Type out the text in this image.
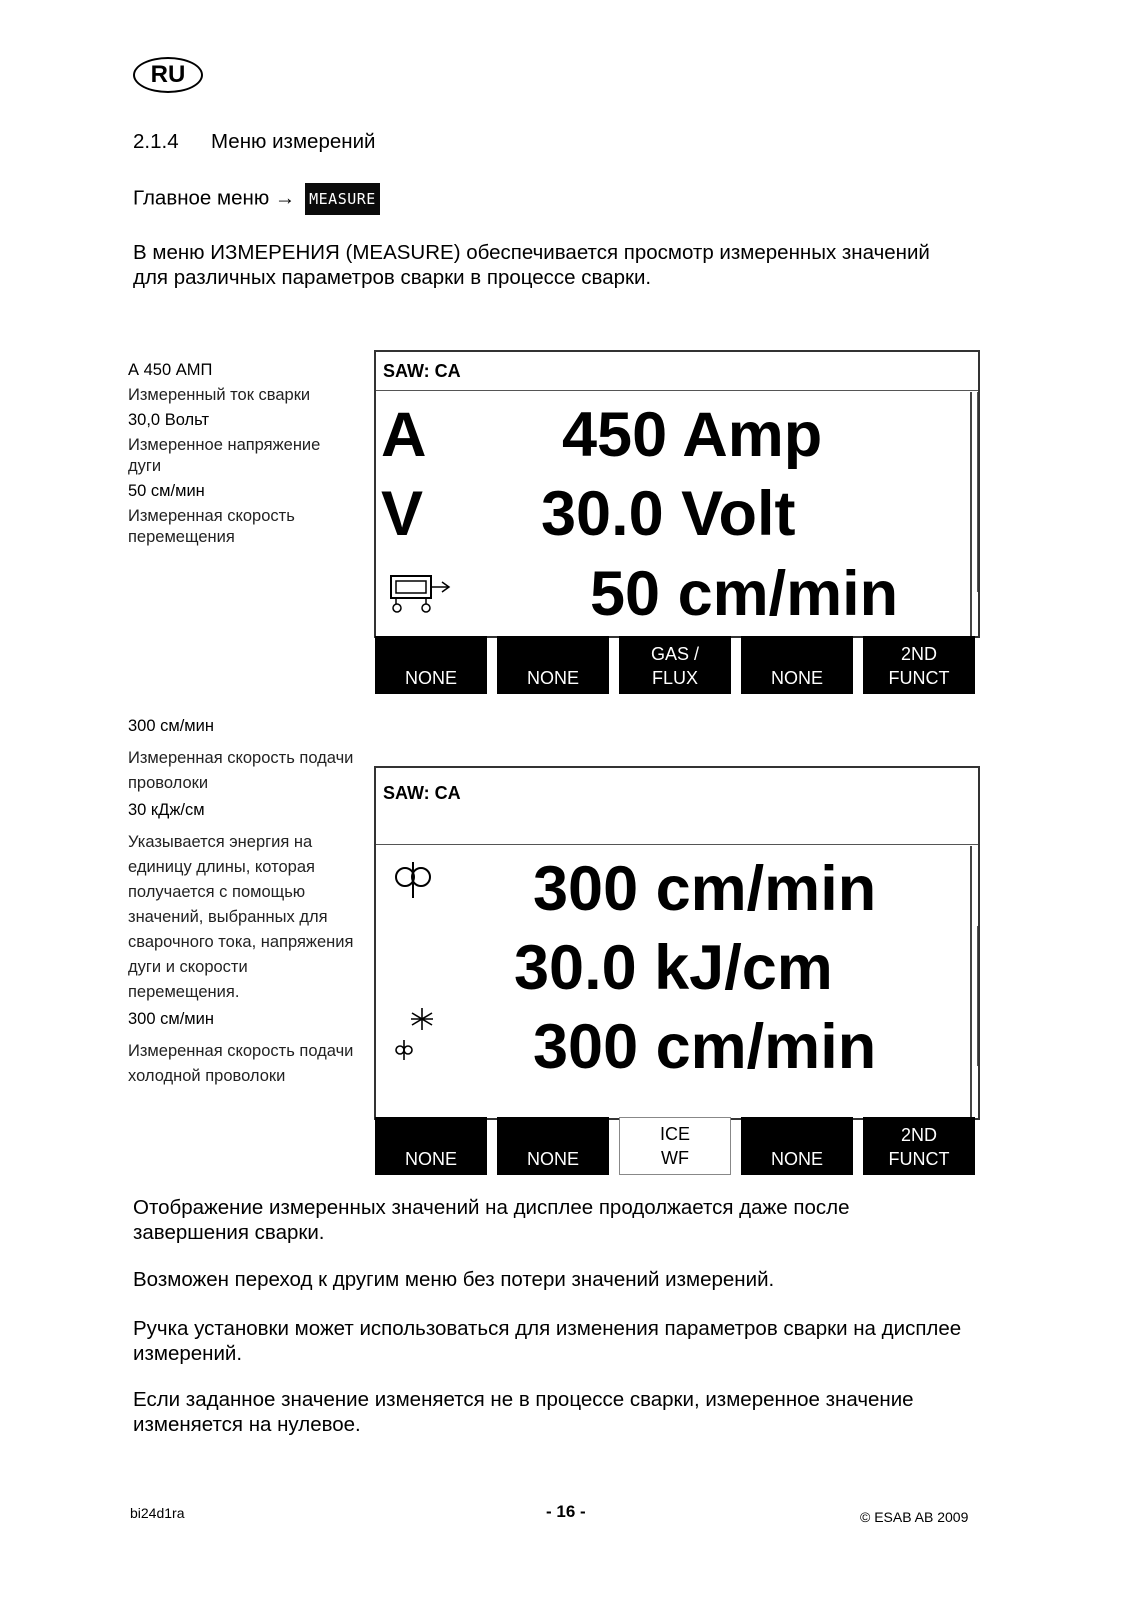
RU
2.1.4 Меню измерений
Главное меню → MEASURE
В меню ИЗМЕРЕНИЯ (MEASURE) обеспечивается просмотр измеренных значений для различных параметров сварки в процессе сварки.
А 450 АМП
Измеренный ток сварки
30,0 Вольт
Измеренное напряжение дуги
50 см/мин
Измеренная скорость перемещения
SAW: CA
A 450 Amp
V 30.0 Volt
50 cm/min

NONE
	NONE
GAS /
FLUX
	NONE
2ND
FUNCT
300 см/мин
Измеренная скорость подачи проволоки
30 кДж/см
Указывается энергия на единицу длины, которая получается с помощью значений, выбранных для сварочного тока, напряжения дуги и скорости перемещения.
300 см/мин
Измеренная скорость подачи холодной проволоки
SAW: CA
300 cm/min
30.0 kJ/cm
300 cm/min

NONE
	NONE
ICE
WF
	NONE
2ND
FUNCT
Отображение измеренных значений на дисплее продолжается даже после завершения сварки.
Возможен переход к другим меню без потери значений измерений.
Ручка установки может использоваться для изменения параметров сварки на дисплее измерений.
Если заданное значение изменяется не в процессе сварки, измеренное значение изменяется на нулевое.
bi24d1ra	- 16 -	© ESAB AB 2009
